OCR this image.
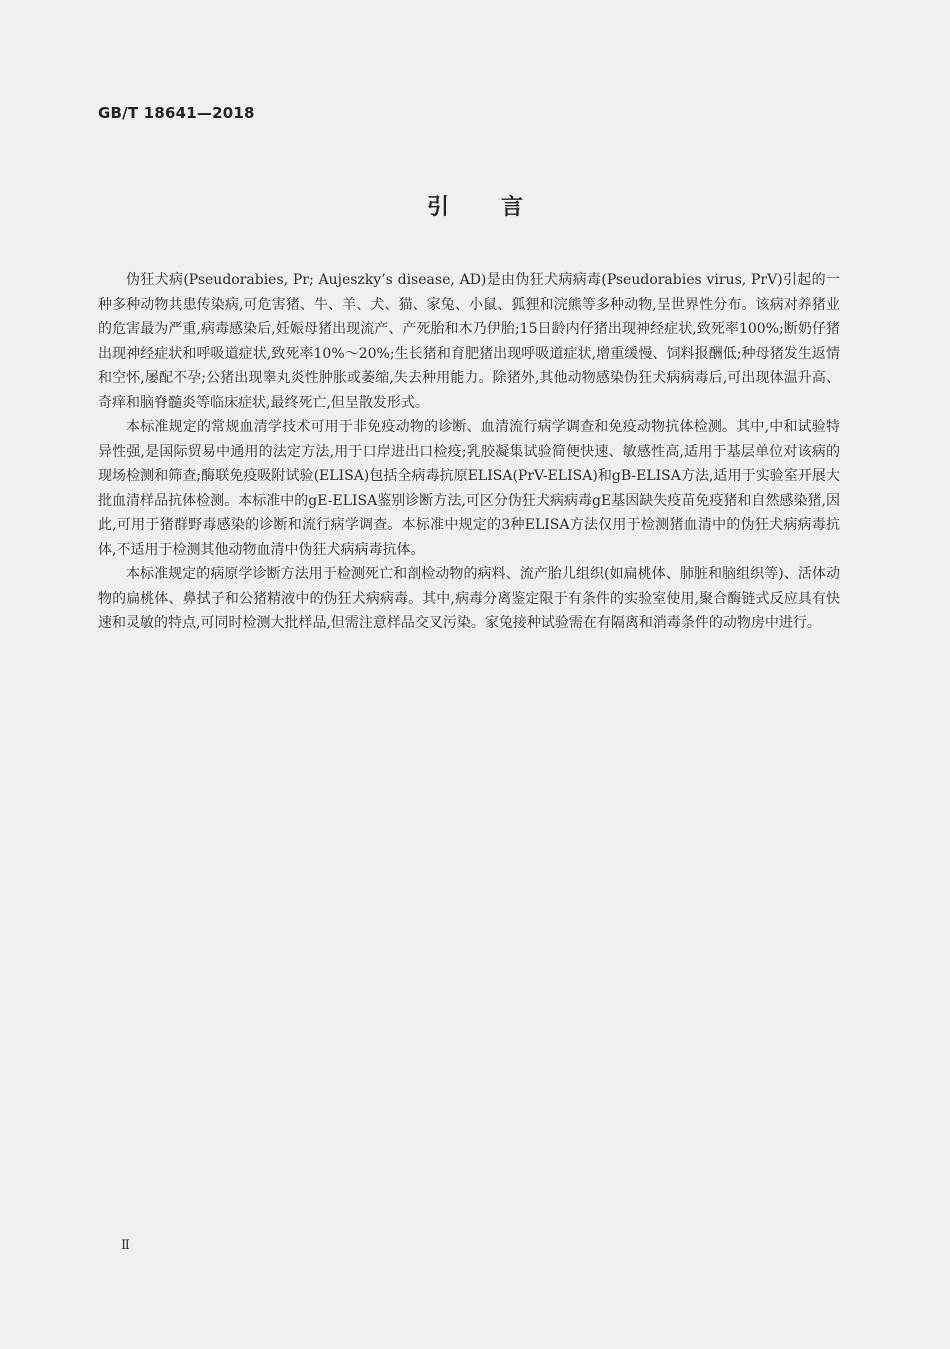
GB/T 18641—2018
引言

伪狂犬病(Pseudorabies, Pr; Aujeszky’s disease, AD)是由伪狂犬病病毒(Pseudorabies virus, PrV)引起的一种多种动物共患传染病,可危害猪、牛、羊、犬、猫、家兔、小鼠、狐狸和浣熊等多种动物,呈世界性分布。该病对养猪业的危害最为严重,病毒感染后,妊娠母猪出现流产、产死胎和木乃伊胎;15日龄内仔猪出现神经症状,致死率100%;断奶仔猪出现神经症状和呼吸道症状,致死率10%～20%;生长猪和育肥猪出现呼吸道症状,增重缓慢、饲料报酬低;种母猪发生返情和空怀,屡配不孕;公猪出现睾丸炎性肿胀或萎缩,失去种用能力。除猪外,其他动物感染伪狂犬病病毒后,可出现体温升高、奇痒和脑脊髓炎等临床症状,最终死亡,但呈散发形式。

本标准规定的常规血清学技术可用于非免疫动物的诊断、血清流行病学调查和免疫动物抗体检测。其中,中和试验特异性强,是国际贸易中通用的法定方法,用于口岸进出口检疫;乳胶凝集试验简便快速、敏感性高,适用于基层单位对该病的现场检测和筛查;酶联免疫吸附试验(ELISA)包括全病毒抗原ELISA(PrV-ELISA)和gB-ELISA方法,适用于实验室开展大批血清样品抗体检测。本标准中的gE-ELISA鉴别诊断方法,可区分伪狂犬病病毒gE基因缺失疫苗免疫猪和自然感染猪,因此,可用于猪群野毒感染的诊断和流行病学调查。本标准中规定的3种ELISA方法仅用于检测猪血清中的伪狂犬病病毒抗体,不适用于检测其他动物血清中伪狂犬病病毒抗体。

本标准规定的病原学诊断方法用于检测死亡和剖检动物的病料、流产胎儿组织(如扁桃体、肺脏和脑组织等)、活体动物的扁桃体、鼻拭子和公猪精液中的伪狂犬病病毒。其中,病毒分离鉴定限于有条件的实验室使用,聚合酶链式反应具有快速和灵敏的特点,可同时检测大批样品,但需注意样品交叉污染。家兔接种试验需在有隔离和消毒条件的动物房中进行。

Ⅱ
